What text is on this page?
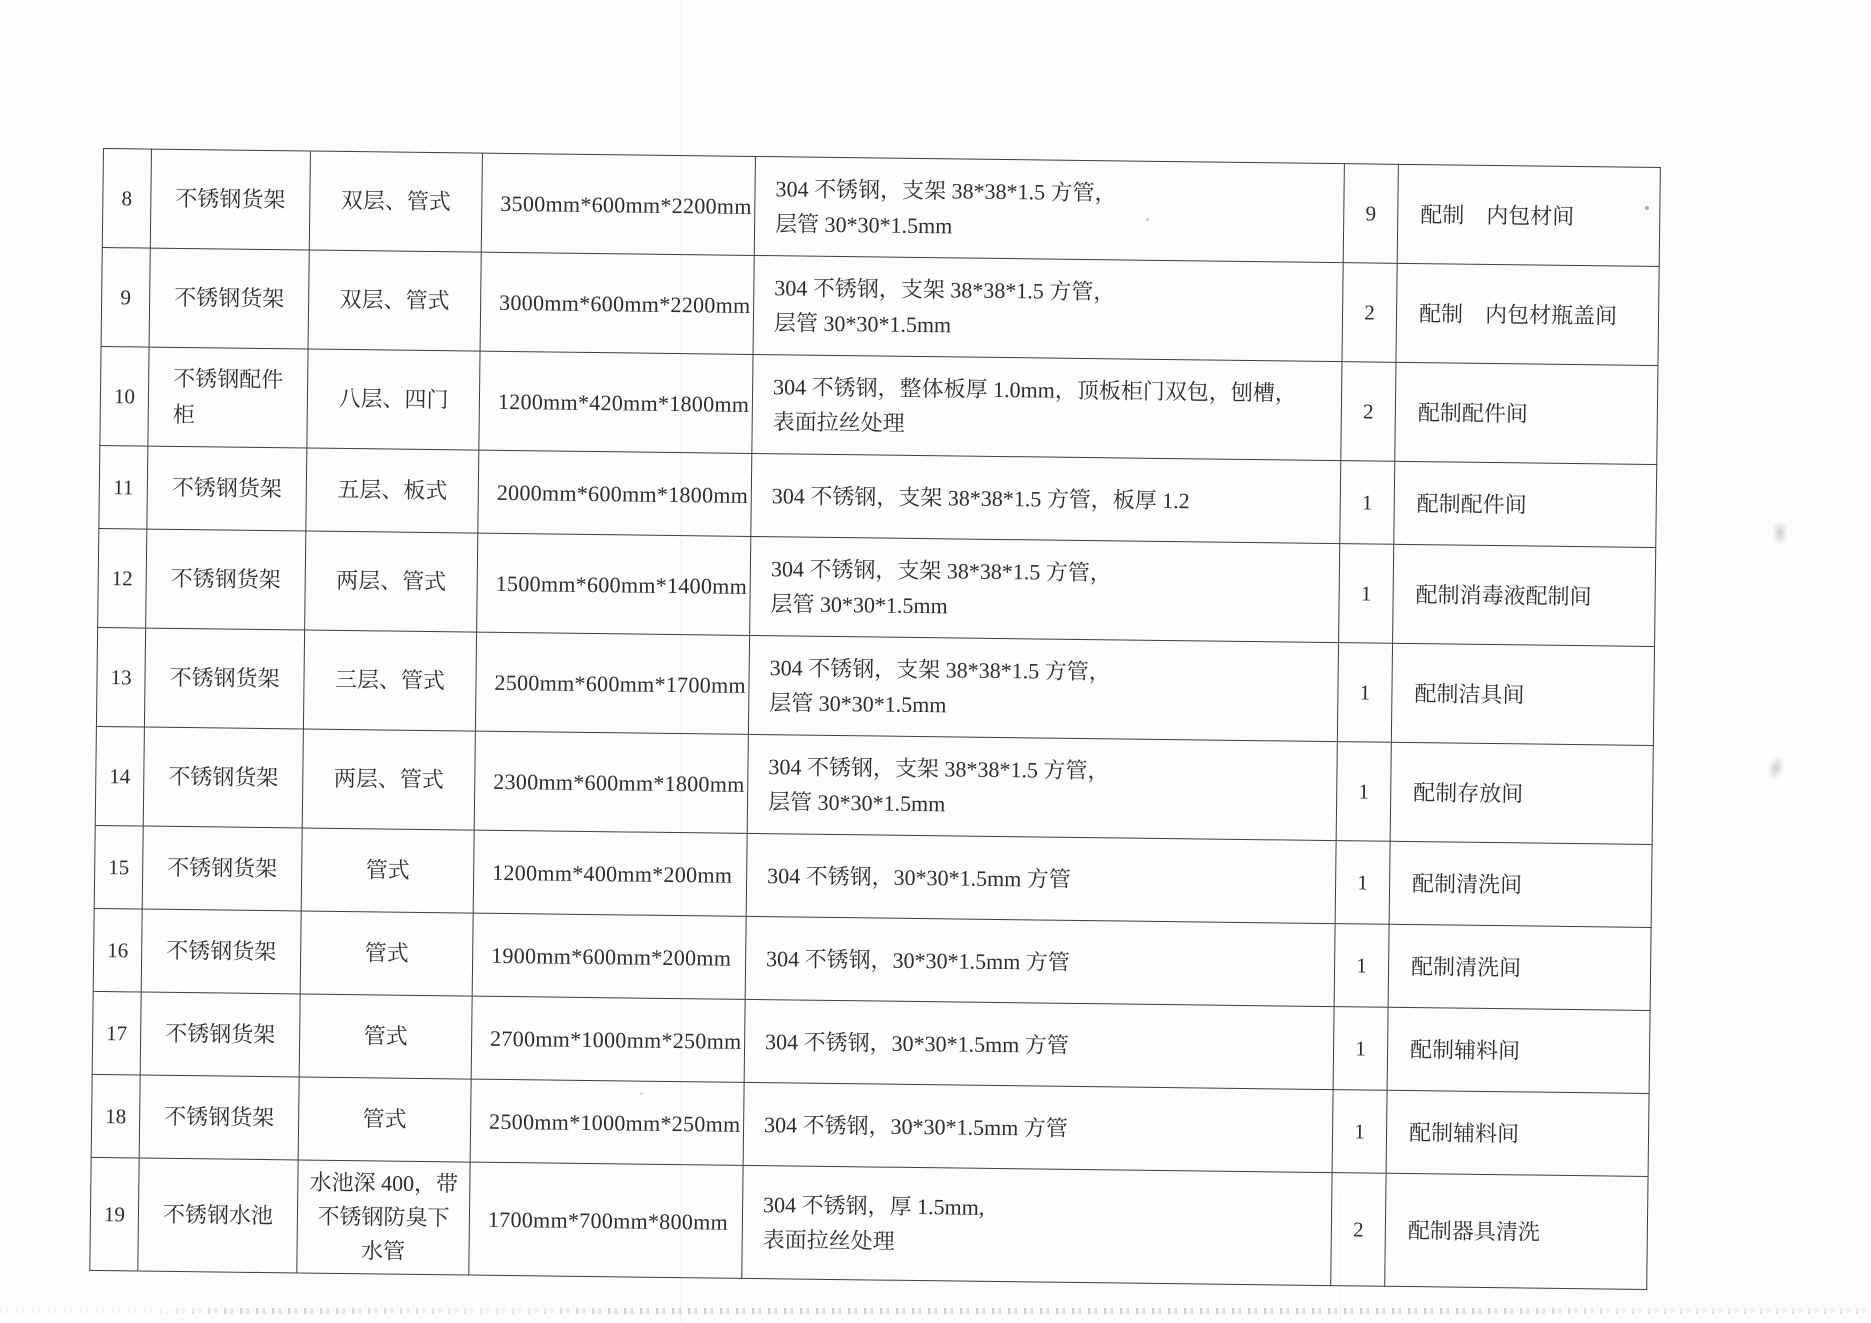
8	不锈钢货架	双层、管式	3500mm*600mm*2200mm	304 不锈钢，支架 38*38*1.5 方管，
层管 30*30*1.5mm	9	配制　内包材间
9	不锈钢货架	双层、管式	3000mm*600mm*2200mm	304 不锈钢，支架 38*38*1.5 方管，
层管 30*30*1.5mm	2	配制　内包材瓶盖间
10	不锈钢配件柜	八层、四门	1200mm*420mm*1800mm	304 不锈钢，整体板厚 1.0mm，顶板柜门双包，刨槽，
表面拉丝处理	2	配制配件间
11	不锈钢货架	五层、板式	2000mm*600mm*1800mm	304 不锈钢，支架 38*38*1.5 方管，板厚 1.2	1	配制配件间
12	不锈钢货架	两层、管式	1500mm*600mm*1400mm	304 不锈钢，支架 38*38*1.5 方管，
层管 30*30*1.5mm	1	配制消毒液配制间
13	不锈钢货架	三层、管式	2500mm*600mm*1700mm	304 不锈钢，支架 38*38*1.5 方管，
层管 30*30*1.5mm	1	配制洁具间
14	不锈钢货架	两层、管式	2300mm*600mm*1800mm	304 不锈钢，支架 38*38*1.5 方管，
层管 30*30*1.5mm	1	配制存放间
15	不锈钢货架	管式	1200mm*400mm*200mm	304 不锈钢，30*30*1.5mm 方管	1	配制清洗间
16	不锈钢货架	管式	1900mm*600mm*200mm	304 不锈钢，30*30*1.5mm 方管	1	配制清洗间
17	不锈钢货架	管式	2700mm*1000mm*250mm	304 不锈钢，30*30*1.5mm 方管	1	配制辅料间
18	不锈钢货架	管式	2500mm*1000mm*250mm	304 不锈钢，30*30*1.5mm 方管	1	配制辅料间
19	不锈钢水池	水池深 400，带
不锈钢防臭下
水管	1700mm*700mm*800mm	304 不锈钢，厚 1.5mm,
表面拉丝处理	2	配制器具清洗
